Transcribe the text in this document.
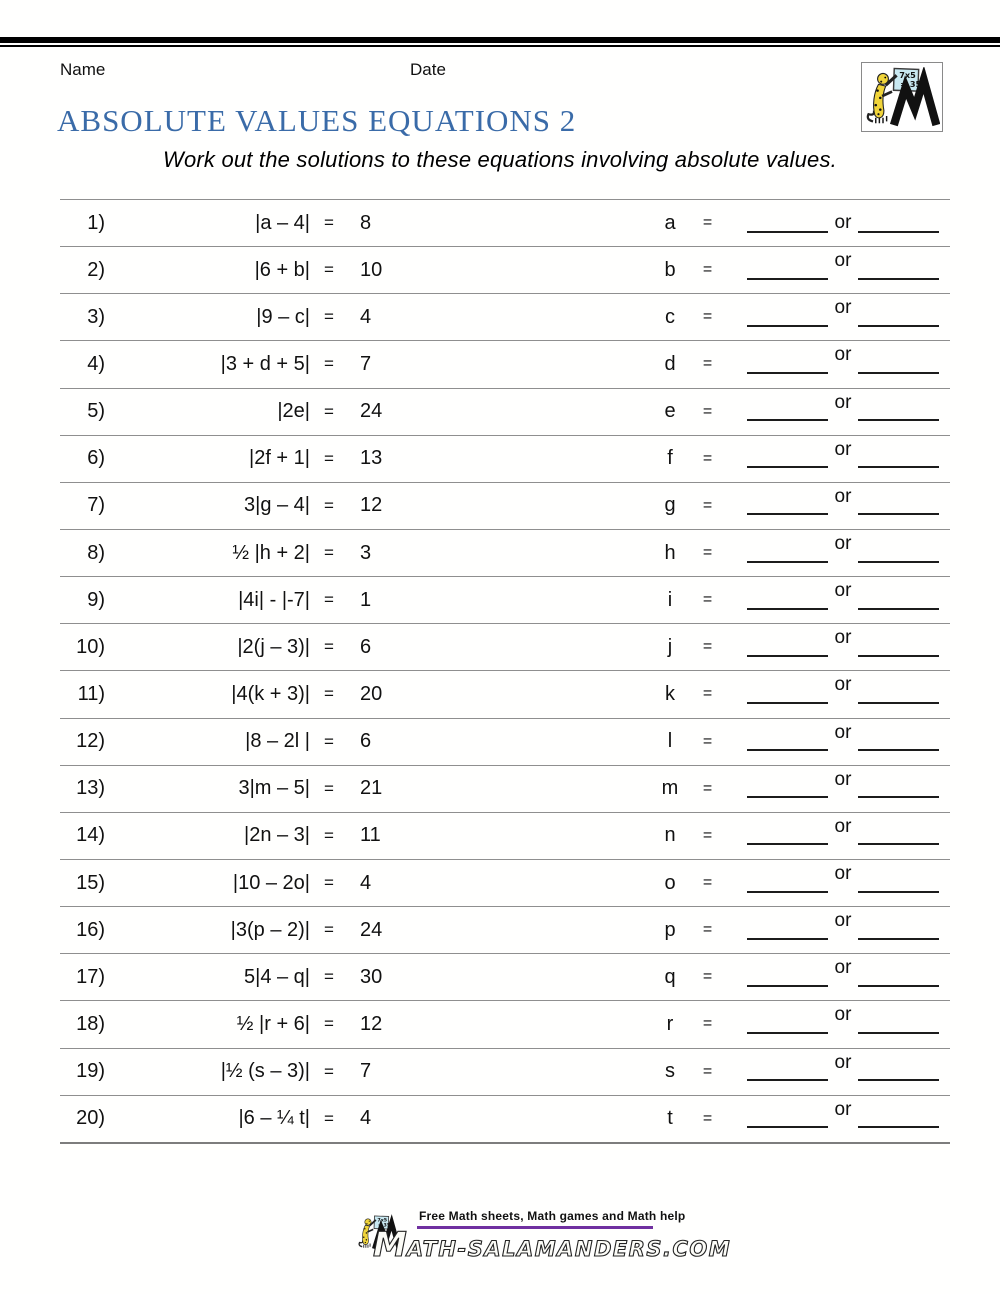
Name	Date
ABSOLUTE VALUES EQUATIONS 2
Work out the solutions to these equations involving absolute values.
1)	|a – 4| =	8	a	=	or
2)	|6 + b| =	10	b	=	or
3)	|9 – c| =	4	c	=	or
4)	|3 + d + 5| =	7	d	=	or
5)	|2e| =	24	e	=	or
6)	|2f + 1| =	13	f	=	or
7)	3|g – 4| =	12	g	=	or
8)	½ |h + 2| =	3	h	=	or
9)	|4i| - |-7| =	1	i	=	or
10)	|2(j – 3)| =	6	j	=	or
11)	|4(k + 3)| =	20	k	=	or
12)	|8 – 2l | =	6	l	=	or
13)	3|m – 5| =	21	m	=	or
14)	|2n – 3| =	11	n	=	or
15)	|10 – 2o| =	4	o	=	or
16)	|3(p – 2)| =	24	p	=	or
17)	5|4 – q| =	30	q	=	or
18)	½ |r + 6| =	12	r	=	or
19)	|½ (s – 3)| =	7	s	=	or
20)	|6 – ¼ t| =	4	t	=	or
Free Math sheets, Math games and Math help
MATH-SALAMANDERS.COM
